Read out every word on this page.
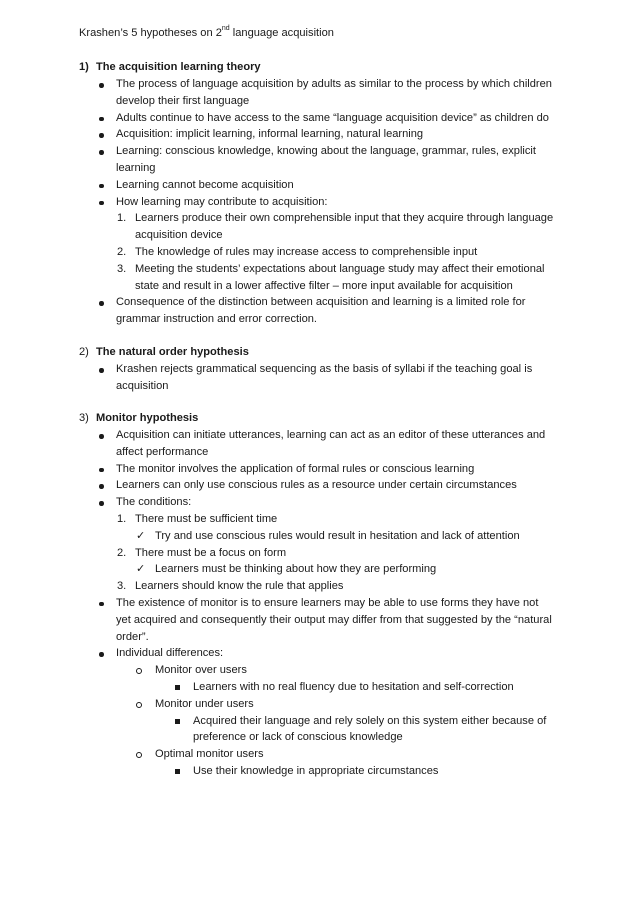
Krashen’s 5 hypotheses on 2nd language acquisition
1) The acquisition learning theory
The process of language acquisition by adults as similar to the process by which children develop their first language
Adults continue to have access to the same “language acquisition device” as children do
Acquisition: implicit learning, informal learning, natural learning
Learning: conscious knowledge, knowing about the language, grammar, rules, explicit learning
Learning cannot become acquisition
How learning may contribute to acquisition:
1. Learners produce their own comprehensible input that they acquire through language acquisition device
2. The knowledge of rules may increase access to comprehensible input
3. Meeting the students’ expectations about language study may affect their emotional state and result in a lower affective filter – more input available for acquisition
Consequence of the distinction between acquisition and learning is a limited role for grammar instruction and error correction.
2) The natural order hypothesis
Krashen rejects grammatical sequencing as the basis of syllabi if the teaching goal is acquisition
3) Monitor hypothesis
Acquisition can initiate utterances, learning can act as an editor of these utterances and affect performance
The monitor involves the application of formal rules or conscious learning
Learners can only use conscious rules as a resource under certain circumstances
The conditions:
1. There must be sufficient time
✓ Try and use conscious rules would result in hesitation and lack of attention
2. There must be a focus on form
✓ Learners must be thinking about how they are performing
3. Learners should know the rule that applies
The existence of monitor is to ensure learners may be able to use forms they have not yet acquired and consequently their output may differ from that suggested by the “natural order”.
Individual differences:
Monitor over users
Learners with no real fluency due to hesitation and self-correction
Monitor under users
Acquired their language and rely solely on this system either because of preference or lack of conscious knowledge
Optimal monitor users
Use their knowledge in appropriate circumstances
